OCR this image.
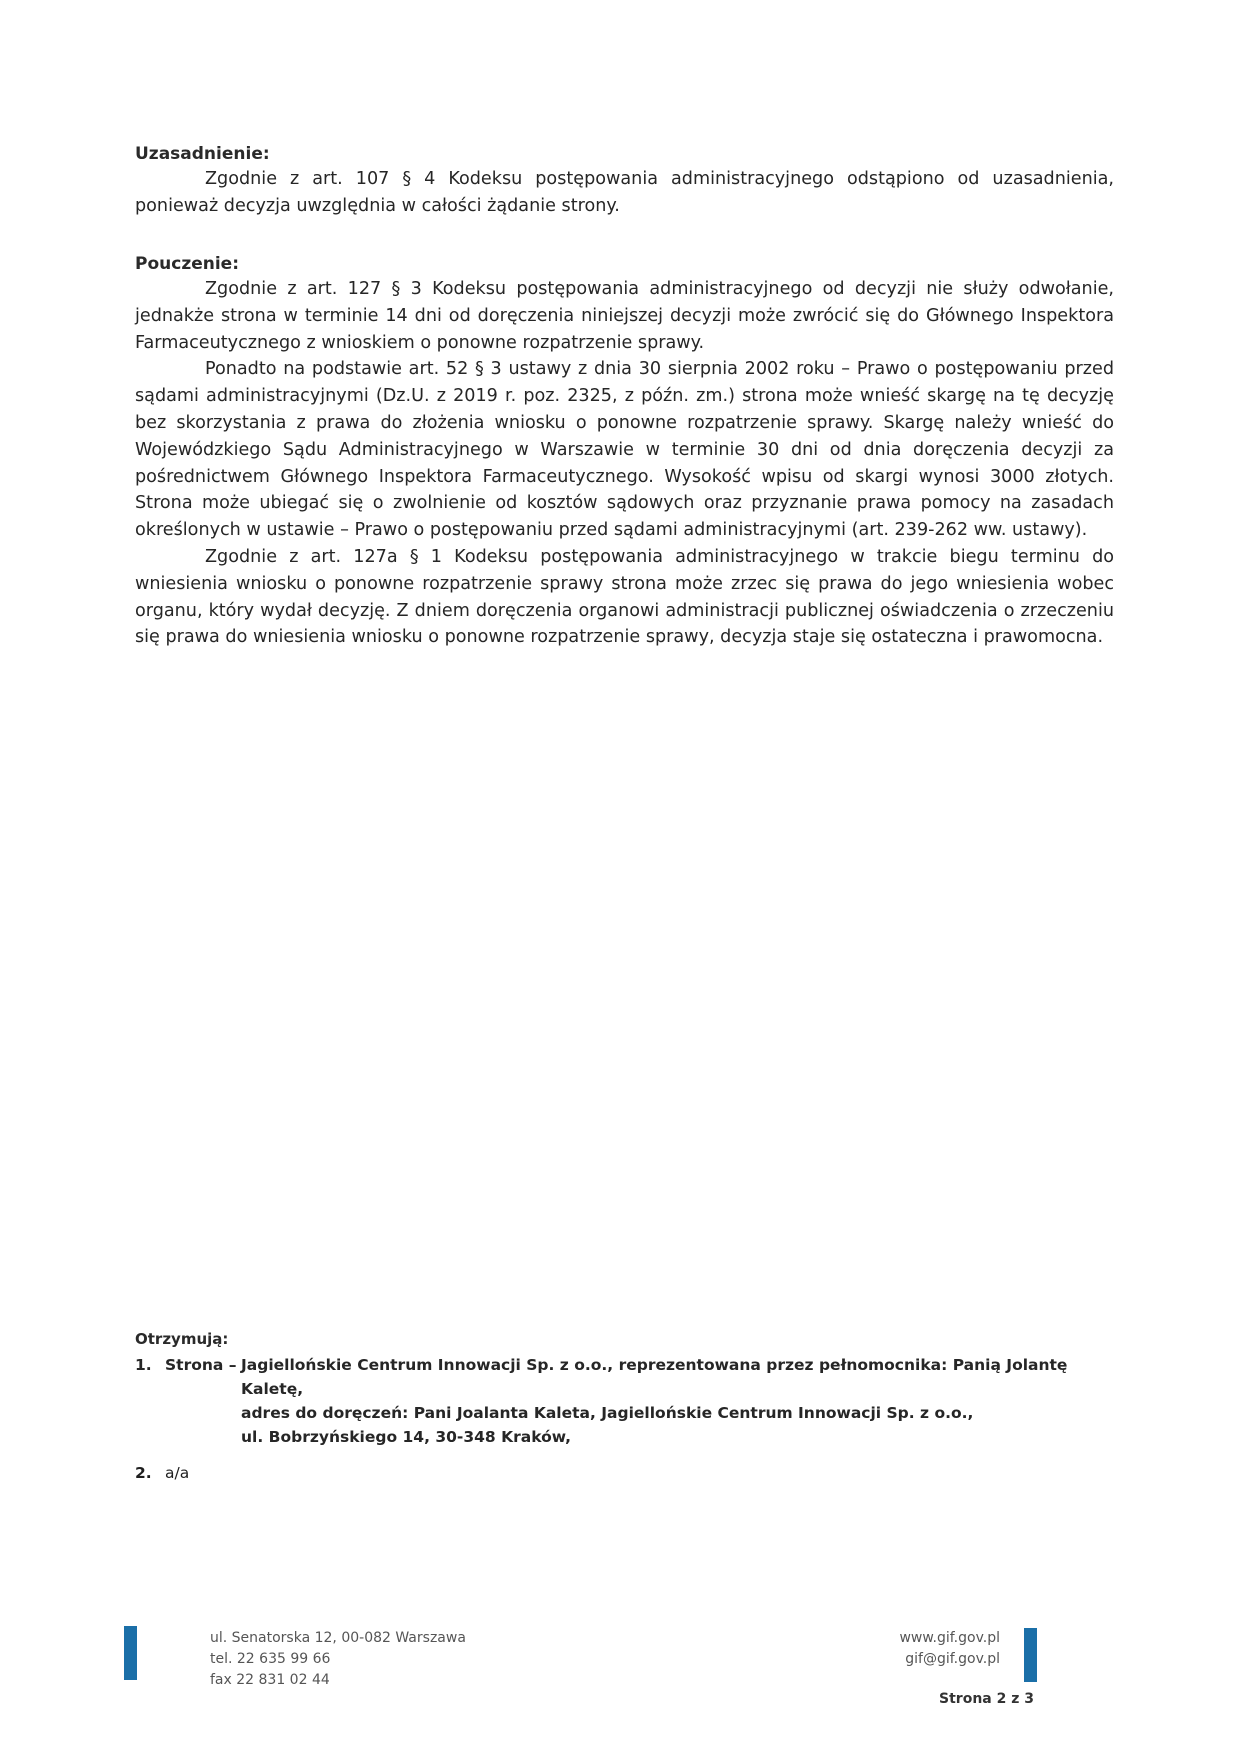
Uzasadnienie:

Zgodnie z art. 107 § 4 Kodeksu postępowania administracyjnego odstąpiono od uzasadnienia, ponieważ decyzja uwzględnia w całości żądanie strony.

Pouczenie:

Zgodnie z art. 127 § 3 Kodeksu postępowania administracyjnego od decyzji nie służy odwołanie, jednakże strona w terminie 14 dni od doręczenia niniejszej decyzji może zwrócić się do Głównego Inspektora Farmaceutycznego z wnioskiem o ponowne rozpatrzenie sprawy.

Ponadto na podstawie art. 52 § 3 ustawy z dnia 30 sierpnia 2002 roku – Prawo o postępowaniu przed sądami administracyjnymi (Dz.U. z 2019 r. poz. 2325, z późn. zm.) strona może wnieść skargę na tę decyzję bez skorzystania z prawa do złożenia wniosku o ponowne rozpatrzenie sprawy. Skargę należy wnieść do Wojewódzkiego Sądu Administracyjnego w Warszawie w terminie 30 dni od dnia doręczenia decyzji za pośrednictwem Głównego Inspektora Farmaceutycznego. Wysokość wpisu od skargi wynosi 3000 złotych. Strona może ubiegać się o zwolnienie od kosztów sądowych oraz przyznanie prawa pomocy na zasadach określonych w ustawie – Prawo o postępowaniu przed sądami administracyjnymi (art. 239-262 ww. ustawy).

Zgodnie z art. 127a § 1 Kodeksu postępowania administracyjnego w trakcie biegu terminu do wniesienia wniosku o ponowne rozpatrzenie sprawy strona może zrzec się prawa do jego wniesienia wobec organu, który wydał decyzję. Z dniem doręczenia organowi administracji publicznej oświadczenia o zrzeczeniu się prawa do wniesienia wniosku o ponowne rozpatrzenie sprawy, decyzja staje się ostateczna i prawomocna.

Otrzymują:
1. Strona – Jagiellońskie Centrum Innowacji Sp. z o.o., reprezentowana przez pełnomocnika: Panią Jolantę Kaletę,
adres do doręczeń: Pani Joalanta Kaleta, Jagiellońskie Centrum Innowacji Sp. z o.o.,
ul. Bobrzyńskiego 14, 30-348 Kraków,
2. a/a
ul. Senatorska 12, 00-082 Warszawa
tel. 22 635 99 66
fax 22 831 02 44
www.gif.gov.pl
gif@gif.gov.pl
Strona 2 z 3
